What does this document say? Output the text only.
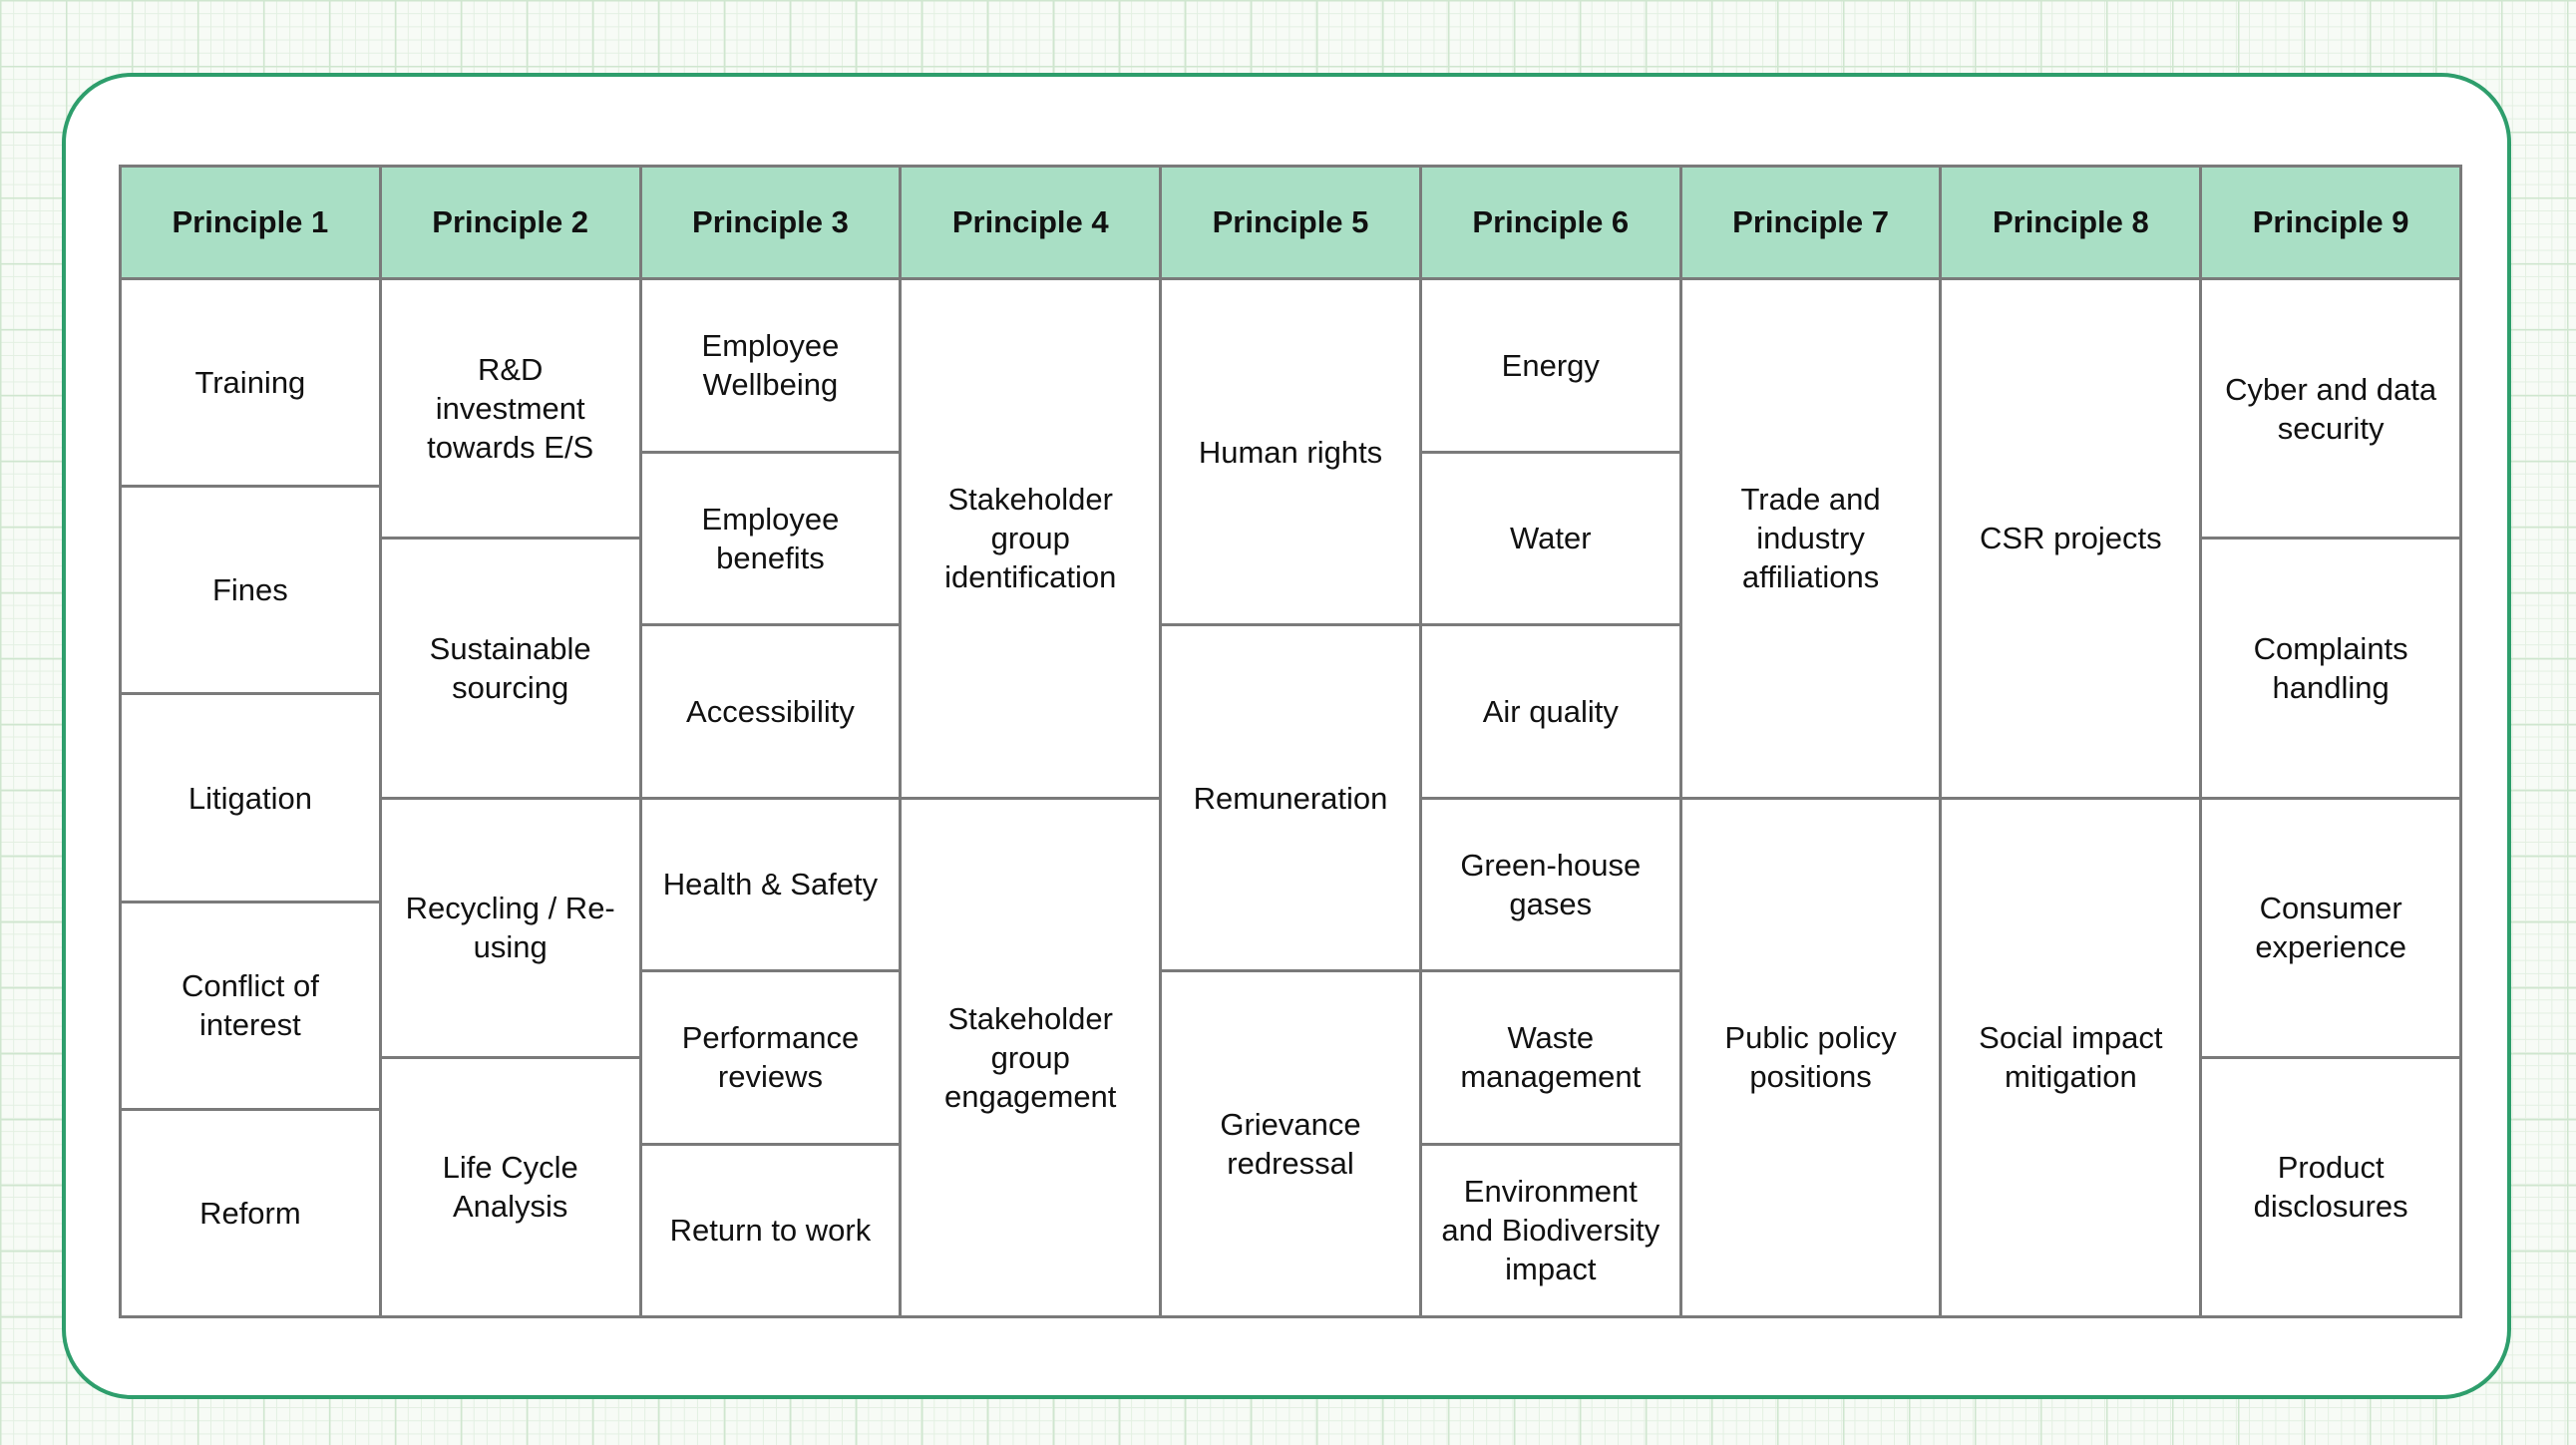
Principle 1
Training
Fines
Litigation
Conflict of interest
Reform
Principle 2
R&D investment towards E/S
Sustainable sourcing
Recycling / Re-using
Life Cycle Analysis
Principle 3
Employee Wellbeing
Employee benefits
Accessibility
Health & Safety
Performance reviews
Return to work
Principle 4
Stakeholder group identification
Stakeholder group engagement
Principle 5
Human rights
Remuneration
Grievance redressal
Principle 6
Energy
Water
Air quality
Green-house gases
Waste management
Environment and Biodiversity impact
Principle 7
Trade and industry affiliations
Public policy positions
Principle 8
CSR projects
Social impact mitigation
Principle 9
Cyber and data security
Complaints handling
Consumer experience
Product disclosures
